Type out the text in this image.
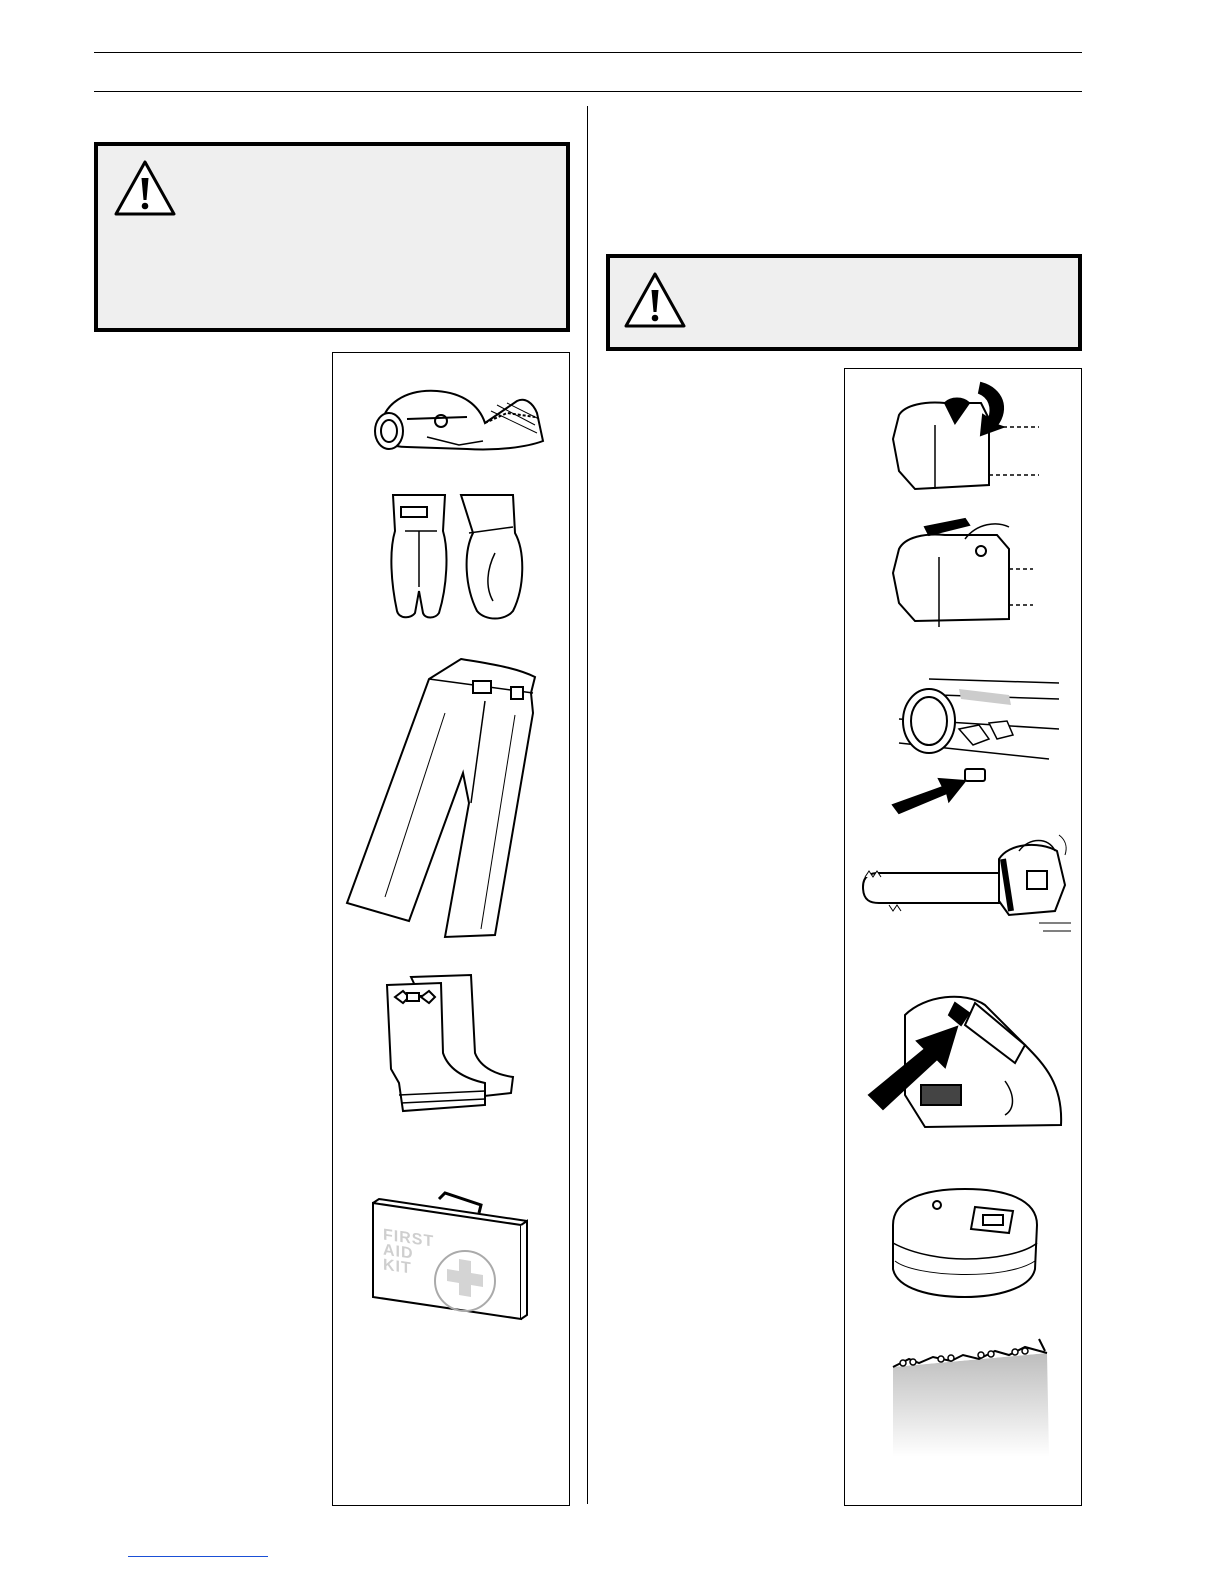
FIRST AID KIT
